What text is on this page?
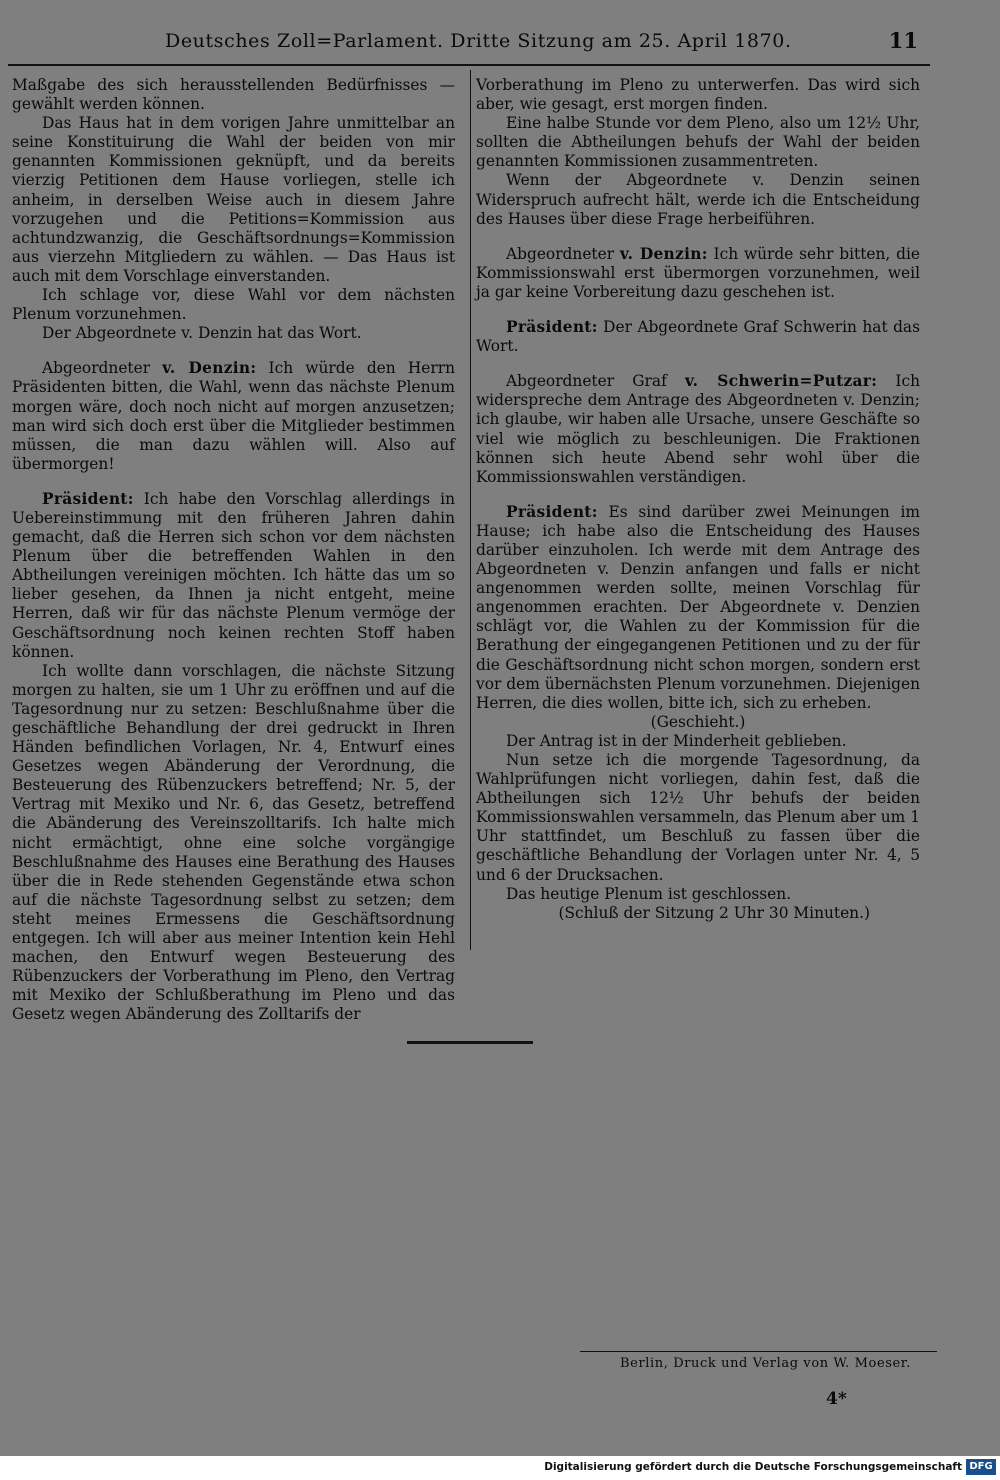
Deutsches Zoll=Parlament. Dritte Sitzung am 25. April 1870.	11

Maßgabe des sich herausstellenden Bedürfnisses — gewählt werden können.

Das Haus hat in dem vorigen Jahre unmittelbar an seine Konstituirung die Wahl der beiden von mir genannten Kommissionen geknüpft, und da bereits vierzig Petitionen dem Hause vorliegen, stelle ich anheim, in derselben Weise auch in diesem Jahre vorzugehen und die Petitions=Kommission aus achtundzwanzig, die Geschäftsordnungs=Kommission aus vierzehn Mitgliedern zu wählen. — Das Haus ist auch mit dem Vorschlage einverstanden.

Ich schlage vor, diese Wahl vor dem nächsten Plenum vorzunehmen.

Der Abgeordnete v. Denzin hat das Wort.

Abgeordneter v. Denzin: Ich würde den Herrn Präsidenten bitten, die Wahl, wenn das nächste Plenum morgen wäre, doch noch nicht auf morgen anzusetzen; man wird sich doch erst über die Mitglieder bestimmen müssen, die man dazu wählen will. Also auf übermorgen!

Präsident: Ich habe den Vorschlag allerdings in Uebereinstimmung mit den früheren Jahren dahin gemacht, daß die Herren sich schon vor dem nächsten Plenum über die betreffenden Wahlen in den Abtheilungen vereinigen möchten. Ich hätte das um so lieber gesehen, da Ihnen ja nicht entgeht, meine Herren, daß wir für das nächste Plenum vermöge der Geschäftsordnung noch keinen rechten Stoff haben können.

Ich wollte dann vorschlagen, die nächste Sitzung morgen zu halten, sie um 1 Uhr zu eröffnen und auf die Tagesordnung nur zu setzen: Beschlußnahme über die geschäftliche Behandlung der drei gedruckt in Ihren Händen befindlichen Vorlagen, Nr. 4, Entwurf eines Gesetzes wegen Abänderung der Verordnung, die Besteuerung des Rübenzuckers betreffend; Nr. 5, der Vertrag mit Mexiko und Nr. 6, das Gesetz, betreffend die Abänderung des Vereinszolltarifs. Ich halte mich nicht ermächtigt, ohne eine solche vorgängige Beschlußnahme des Hauses eine Berathung des Hauses über die in Rede stehenden Gegenstände etwa schon auf die nächste Tagesordnung selbst zu setzen; dem steht meines Ermessens die Geschäftsordnung entgegen. Ich will aber aus meiner Intention kein Hehl machen, den Entwurf wegen Besteuerung des Rübenzuckers der Vorberathung im Pleno, den Vertrag mit Mexiko der Schlußberathung im Pleno und das Gesetz wegen Abänderung des Zolltarifs der

Vorberathung im Pleno zu unterwerfen. Das wird sich aber, wie gesagt, erst morgen finden.

Eine halbe Stunde vor dem Pleno, also um 12½ Uhr, sollten die Abtheilungen behufs der Wahl der beiden genannten Kommissionen zusammentreten.

Wenn der Abgeordnete v. Denzin seinen Widerspruch aufrecht hält, werde ich die Entscheidung des Hauses über diese Frage herbeiführen.

Abgeordneter v. Denzin: Ich würde sehr bitten, die Kommissionswahl erst übermorgen vorzunehmen, weil ja gar keine Vorbereitung dazu geschehen ist.

Präsident: Der Abgeordnete Graf Schwerin hat das Wort.

Abgeordneter Graf v. Schwerin=Putzar: Ich widerspreche dem Antrage des Abgeordneten v. Denzin; ich glaube, wir haben alle Ursache, unsere Geschäfte so viel wie möglich zu beschleunigen. Die Fraktionen können sich heute Abend sehr wohl über die Kommissionswahlen verständigen.

Präsident: Es sind darüber zwei Meinungen im Hause; ich habe also die Entscheidung des Hauses darüber einzuholen. Ich werde mit dem Antrage des Abgeordneten v. Denzin anfangen und falls er nicht angenommen werden sollte, meinen Vorschlag für angenommen erachten. Der Abgeordnete v. Denzien schlägt vor, die Wahlen zu der Kommission für die Berathung der eingegangenen Petitionen und zu der für die Geschäftsordnung nicht schon morgen, sondern erst vor dem übernächsten Plenum vorzunehmen. Diejenigen Herren, die dies wollen, bitte ich, sich zu erheben.

(Geschieht.)

Der Antrag ist in der Minderheit geblieben.

Nun setze ich die morgende Tagesordnung, da Wahlprüfungen nicht vorliegen, dahin fest, daß die Abtheilungen sich 12½ Uhr behufs der beiden Kommissionswahlen versammeln, das Plenum aber um 1 Uhr stattfindet, um Beschluß zu fassen über die geschäftliche Behandlung der Vorlagen unter Nr. 4, 5 und 6 der Drucksachen.

Das heutige Plenum ist geschlossen.

(Schluß der Sitzung 2 Uhr 30 Minuten.)

Berlin, Druck und Verlag von W. Moeser.
4*
Digitalisierung gefördert durch die Deutsche Forschungsgemeinschaft DFG
